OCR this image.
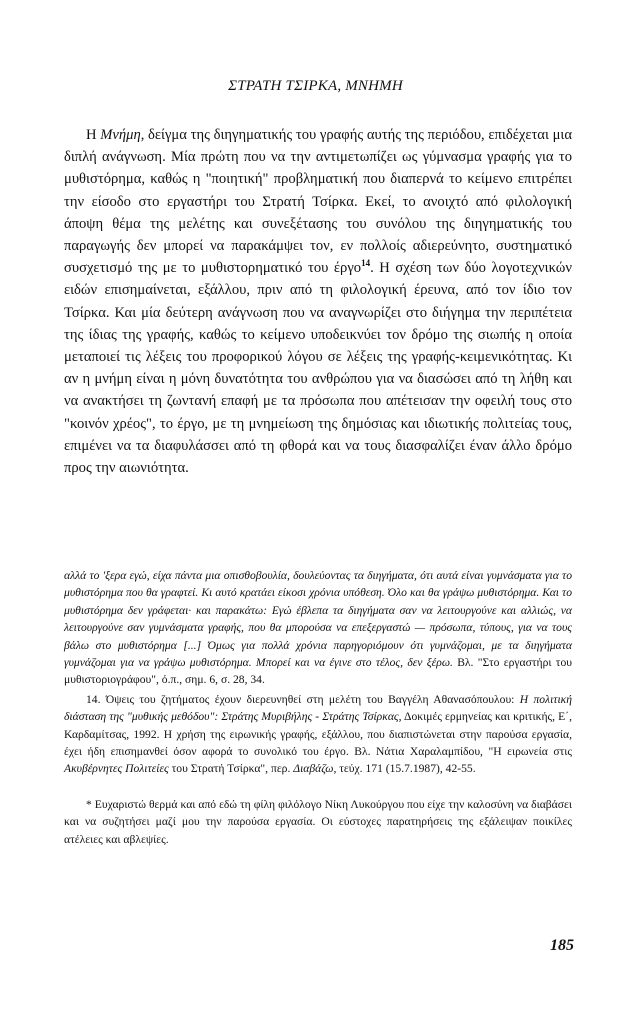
ΣΤΡΑΤΗ ΤΣΙΡΚΑ, ΜΝΗΜΗ

Η Μνήμη, δείγμα της διηγηματικής του γραφής αυτής της περιόδου, επιδέχεται μια διπλή ανάγνωση. Μία πρώτη που να την αντιμετωπίζει ως γύμνασμα γραφής για το μυθιστόρημα, καθώς η "ποιητική" προβληματική που διαπερνά το κείμενο επιτρέπει την είσοδο στο εργαστήρι του Στρατή Τσίρκα. Εκεί, το ανοιχτό από φιλολογική άποψη θέμα της μελέτης και συνεξέτασης του συνόλου της διηγηματικής του παραγωγής δεν μπορεί να παρακάμψει τον, εν πολλοίς αδιερεύνητο, συστηματικό συσχετισμό της με το μυθιστορηματικό του έργο$^{14}$. Η σχέση των δύο λογοτεχνικών ειδών επισημαίνεται, εξάλλου, πριν από τη φιλολογική έρευνα, από τον ίδιο τον Τσίρκα. Και μία δεύτερη ανάγνωση που να αναγνωρίζει στο διήγημα την περιπέτεια της ίδιας της γραφής, καθώς το κείμενο υποδεικνύει τον δρόμο της σιωπής η οποία μεταποιεί τις λέξεις του προφορικού λόγου σε λέξεις της γραφής-κειμενικότητας. Κι αν η μνήμη είναι η μόνη δυνατότητα του ανθρώπου για να διασώσει από τη λήθη και να ανακτήσει τη ζωντανή επαφή με τα πρόσωπα που απέτεισαν την οφειλή τους στο "κοινόν χρέος", το έργο, με τη μνημείωση της δημόσιας και ιδιωτικής πολιτείας τους, επιμένει να τα διαφυλάσσει από τη φθορά και να τους διασφαλίζει έναν άλλο δρόμο προς την αιωνιότητα.

αλλά το 'ξερα εγώ, είχα πάντα μια οπισθοβουλία, δουλεύοντας τα διηγήματα, ότι αυτά είναι γυμνάσματα για το μυθιστόρημα που θα γραφτεί. Κι αυτό κρατάει είκοσι χρόνια υπόθεση. Όλο και θα γράψω μυθιστόρημα. Και το μυθιστόρημα δεν γράφεται· και παρακάτω: Εγώ έβλεπα τα διηγήματα σαν να λειτουργούνε και αλλιώς, να λειτουργούνε σαν γυμνάσματα γραφής, που θα μπορούσα να επεξεργαστώ — πρόσωπα, τύπους, για να τους βάλω στο μυθιστόρημα [...] Όμως για πολλά χρόνια παρηγοριόμουν ότι γυμνάζομαι, με τα διηγήματα γυμνάζομαι για να γράψω μυθιστόρημα. Μπορεί και να έγινε στο τέλος, δεν ξέρω. Βλ. "Στο εργαστήρι του μυθιστοριογράφου", ό.π., σημ. 6, σ. 28, 34.

14. Όψεις του ζητήματος έχουν διερευνηθεί στη μελέτη του Βαγγέλη Αθανασόπουλου: Η πολιτική διάσταση της "μυθικής μεθόδου": Στράτης Μυριβήλης - Στράτης Τσίρκας, Δοκιμές ερμηνείας και κριτικής, Ε΄, Καρδαμίτσας, 1992. Η χρήση της ειρωνικής γραφής, εξάλλου, που διαπιστώνεται στην παρούσα εργασία, έχει ήδη επισημανθεί όσον αφορά το συνολικό του έργο. Βλ. Νάτια Χαραλαμπίδου, "Η ειρωνεία στις Ακυβέρνητες Πολιτείες του Στρατή Τσίρκα", περ. Διαβάζω, τεύχ. 171 (15.7.1987), 42-55.

* Ευχαριστώ θερμά και από εδώ τη φίλη φιλόλογο Νίκη Λυκούργου που είχε την καλοσύνη να διαβάσει και να συζητήσει μαζί μου την παρούσα εργασία. Οι εύστοχες παρατηρήσεις της εξάλειψαν ποικίλες ατέλειες και αβλεψίες.

185
